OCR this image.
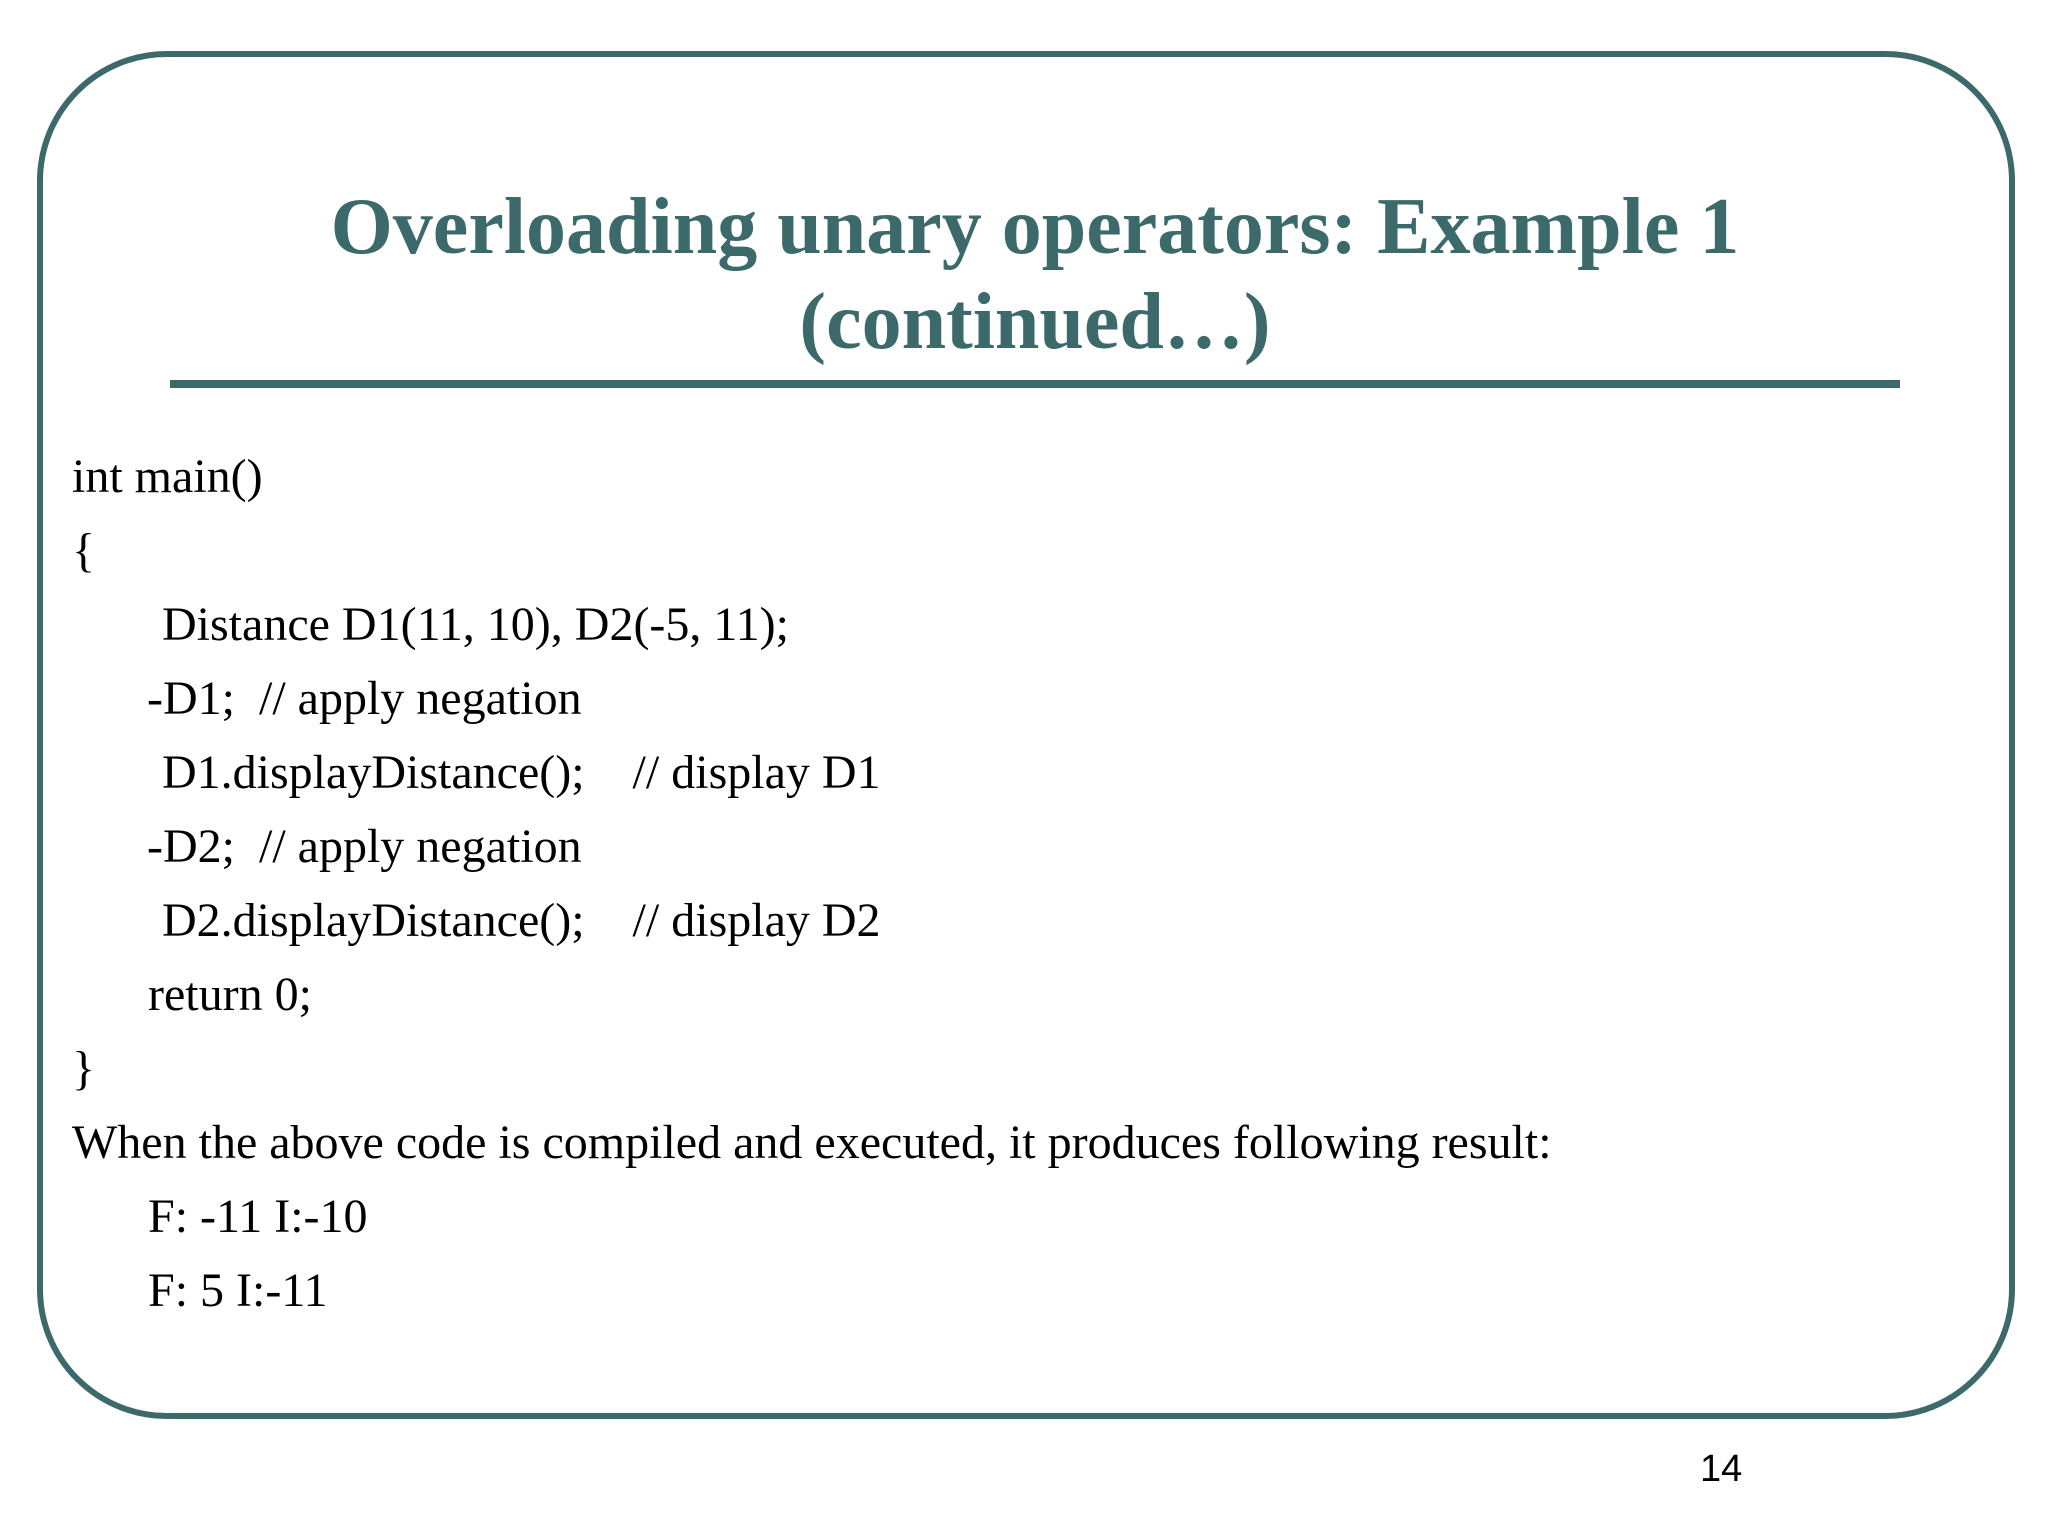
Overloading unary operators: Example 1 (continued…)
int main()
{
Distance D1(11, 10), D2(-5, 11);
-D1;  // apply negation
D1.displayDistance();    // display D1
-D2;  // apply negation
D2.displayDistance();    // display D2
return 0;
}
When the above code is compiled and executed, it produces following result:
F: -11 I:-10
F: 5 I:-11
14
